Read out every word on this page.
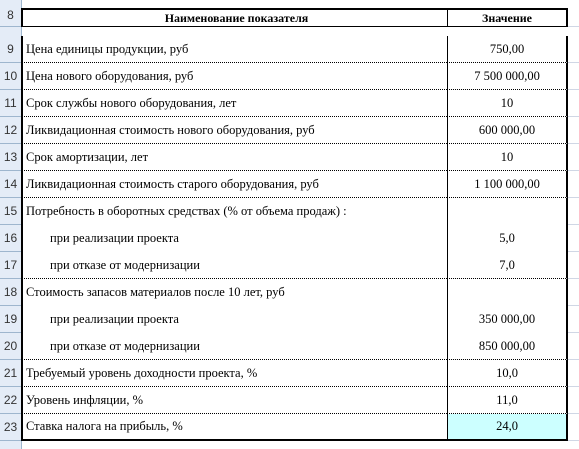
8	Наименование показателя	Значение
9 Цена единицы продукции, руб	750,00
10 Цена нового оборудования, руб	7 500 000,00
11 Срок службы нового оборудования, лет	10
12 Ликвидационная стоимость нового оборудования, руб	600 000,00
13 Срок амортизации, лет	10
14 Ликвидационная стоимость старого оборудования, руб	1 100 000,00
15 Потребность в оборотных средствах (% от объема продаж) :
16	при реализации проекта	5,0
17	при отказе от модернизации	7,0
18 Стоимость запасов материалов после 10 лет, руб
19	при реализации проекта	350 000,00
20	при отказе от модернизации	850 000,00
21 Требуемый уровень доходности проекта, %	10,0
22 Уровень инфляции, %	11,0
23 Ставка налога на прибыль, %	24,0
